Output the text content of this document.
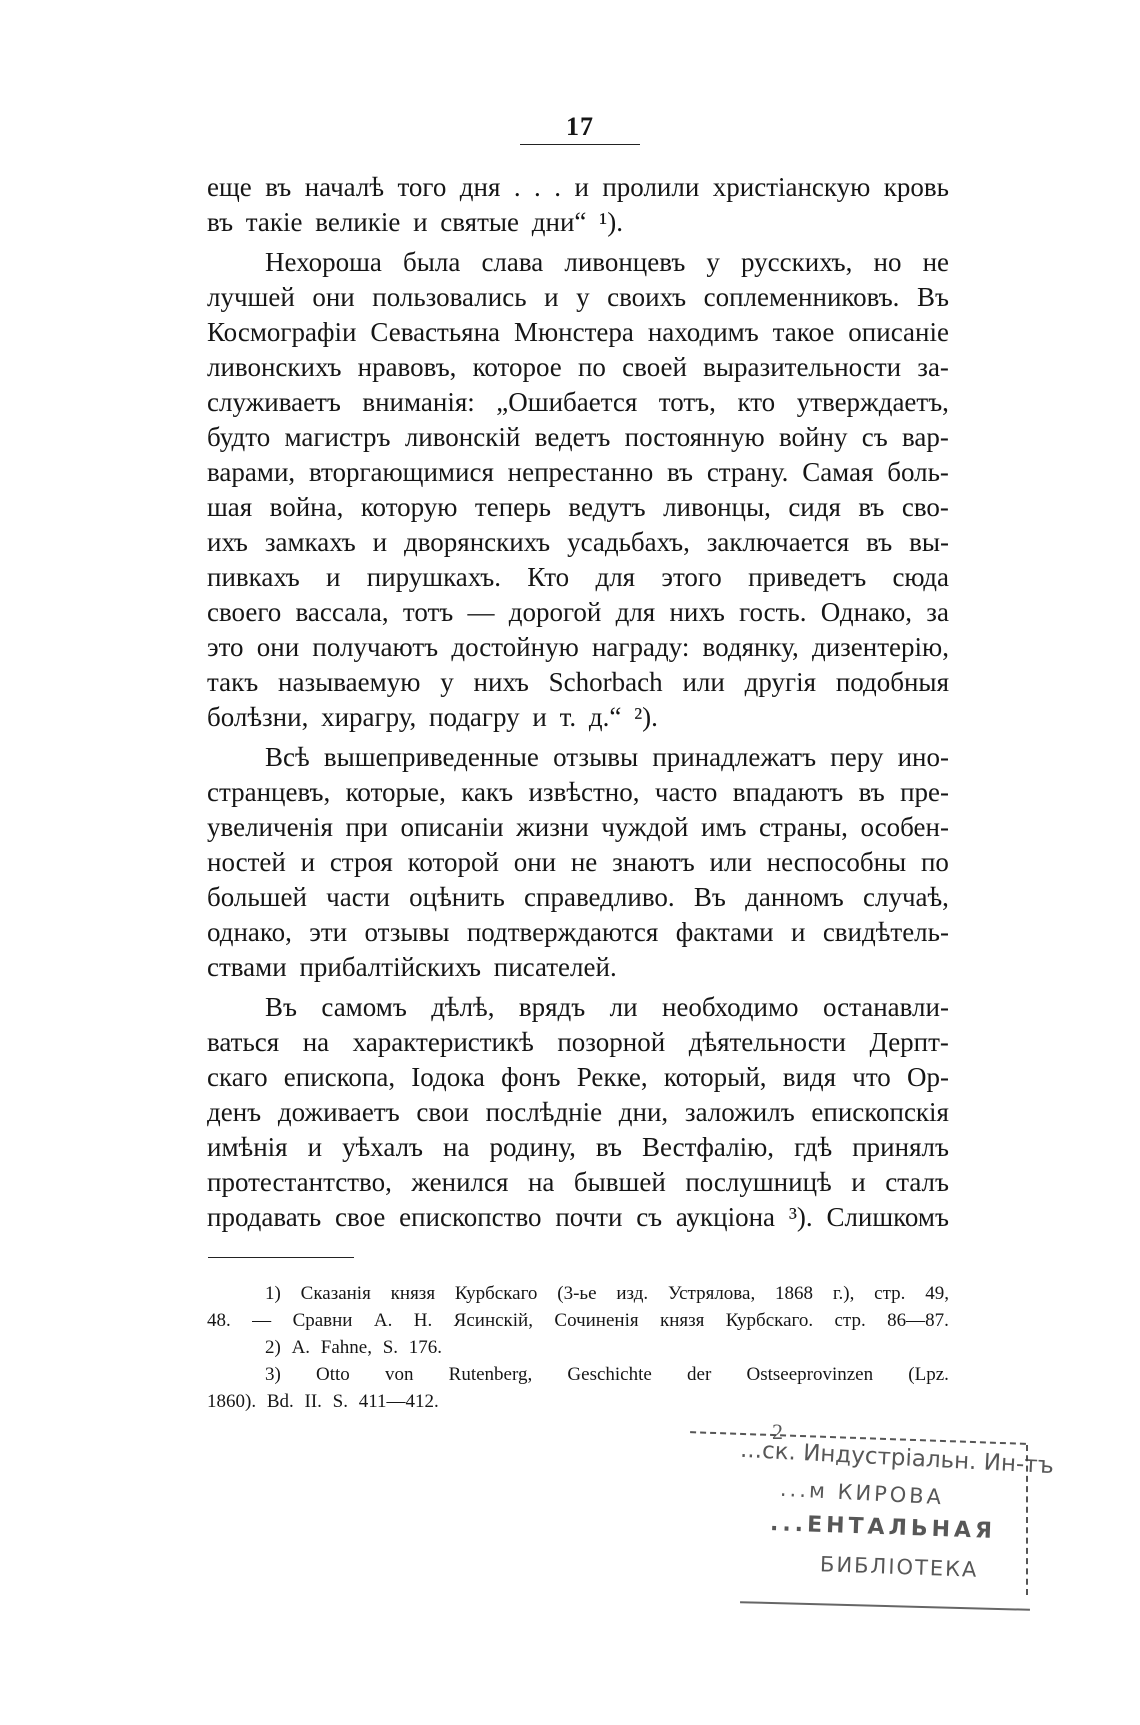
17
еще въ началѣ того дня . . . и пролили христіанскую кровь
въ такіе великіе и святые дни“ ¹).
Нехороша была слава ливонцевъ у русскихъ, но не
лучшей они пользовались и у своихъ соплеменниковъ. Въ
Космографіи Севастьяна Мюнстера находимъ такое описаніе
ливонскихъ нравовъ, которое по своей выразительности за-
служиваетъ вниманія: „Ошибается тотъ, кто утверждаетъ,
будто магистръ ливонскій ведетъ постоянную войну съ вар-
варами, вторгающимися непрестанно въ страну. Самая боль-
шая война, которую теперь ведутъ ливонцы, сидя въ сво-
ихъ замкахъ и дворянскихъ усадьбахъ, заключается въ вы-
пивкахъ и пирушкахъ. Кто для этого приведетъ сюда
своего вассала, тотъ — дорогой для нихъ гость. Однако, за
это они получаютъ достойную награду: водянку, дизентерію,
такъ называемую у нихъ Schorbach или другія подобныя
болѣзни, хирагру, подагру и т. д.“ ²).
Всѣ вышеприведенные отзывы принадлежатъ перу ино-
странцевъ, которые, какъ извѣстно, часто впадаютъ въ пре-
увеличенія при описаніи жизни чуждой имъ страны, особен-
ностей и строя которой они не знаютъ или неспособны по
большей части оцѣнить справедливо. Въ данномъ случаѣ,
однако, эти отзывы подтверждаются фактами и свидѣтель-
ствами прибалтійскихъ писателей.
Въ самомъ дѣлѣ, врядъ ли необходимо останавли-
ваться на характеристикѣ позорной дѣятельности Дерпт-
скаго епископа, Іодока фонъ Рекке, который, видя что Ор-
денъ доживаетъ свои послѣдніе дни, заложилъ епископскія
имѣнія и уѣхалъ на родину, въ Вестфалію, гдѣ принялъ
протестантство, женился на бывшей послушницѣ и сталъ
продавать свое епископство почти съ аукціона ³). Слишкомъ
1) Сказанія князя Курбскаго (3-ье изд. Устрялова, 1868 г.), стр. 49,
48. — Сравни А. Н. Ясинскій, Сочиненія князя Курбскаго. стр. 86—87.
2) А. Fahne, S. 176.
3) Otto von Rutenberg, Geschichte der Ostseeprovinzen (Lpz.
1860). Bd. II. S. 411—412.
2
...ск. Индустріальн. Ин-тъ
...м КИРОВА
...ЕНТАЛЬНАЯ
БИБЛІОТЕКА
